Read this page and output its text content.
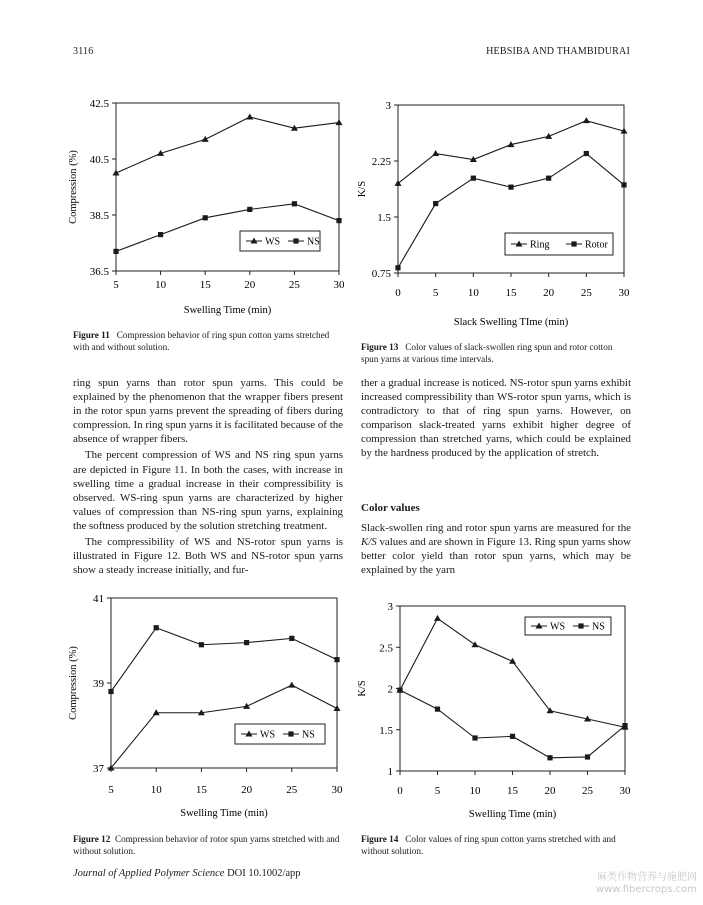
3116	HEBSIBA AND THAMBIDURAI
42.5
40.5
38.5
36.5
5	10	15	20	25	30
Swelling Time (min)
Compression (%)
WS	NS
3
2.25
1.5
0.75
0	5	10 15 20 25 30
Slack Swelling TIme (min)
K/S
Ring	Rotor
41
39
37
5	10	15	20	25	30
Swelling Time (min)
Compression (%)
WS	NS
3
2.5
2
1.5
1
0	5	10 15 20 25 30
Swelling Time (min)
K/S
WS	NS
Figure 11 Compression behavior of ring spun cotton yarns stretched with and without solution.	Figure 13 Color values of slack-swollen ring spun and rotor cotton spun yarns at various time intervals.
Figure 12 Compression behavior of rotor spun yarns stretched with and without solution.
Figure 14 Color values of ring spun cotton yarns stretched with and without solution.

ring spun yarns than rotor spun yarns. This could be explained by the phenomenon that the wrapper fibers present in the rotor spun yarns prevent the spreading of fibers during compression. In ring spun yarns it is facilitated because of the absence of wrapper fibers.

The percent compression of WS and NS ring spun yarns are depicted in Figure 11. In both the cases, with increase in swelling time a gradual increase in their compressibility is observed. WS-ring spun yarns are characterized by higher values of compression than NS-ring spun yarns, explaining the softness produced by the solution stretching treatment.

The compressibility of WS and NS-rotor spun yarns is illustrated in Figure 12. Both WS and NS-rotor spun yarns show a steady increase initially, and fur-

ther a gradual increase is noticed. NS-rotor spun yarns exhibit increased compressibility than WS-rotor spun yarns, which is contradictory to that of ring spun yarns. However, on comparison slack-treated yarns exhibit higher degree of compression than stretched yarns, which could be explained by the hardness produced by the application of stretch.

Color values

Slack-swollen ring and rotor spun yarns are measured for the K/S values and are shown in Figure 13. Ring spun yarns show better color yield than rotor spun yarns, which may be explained by the yarn

Journal of Applied Polymer Science DOI 10.1002/app	麻类作物营养与施肥网
www.fibercrops.com
